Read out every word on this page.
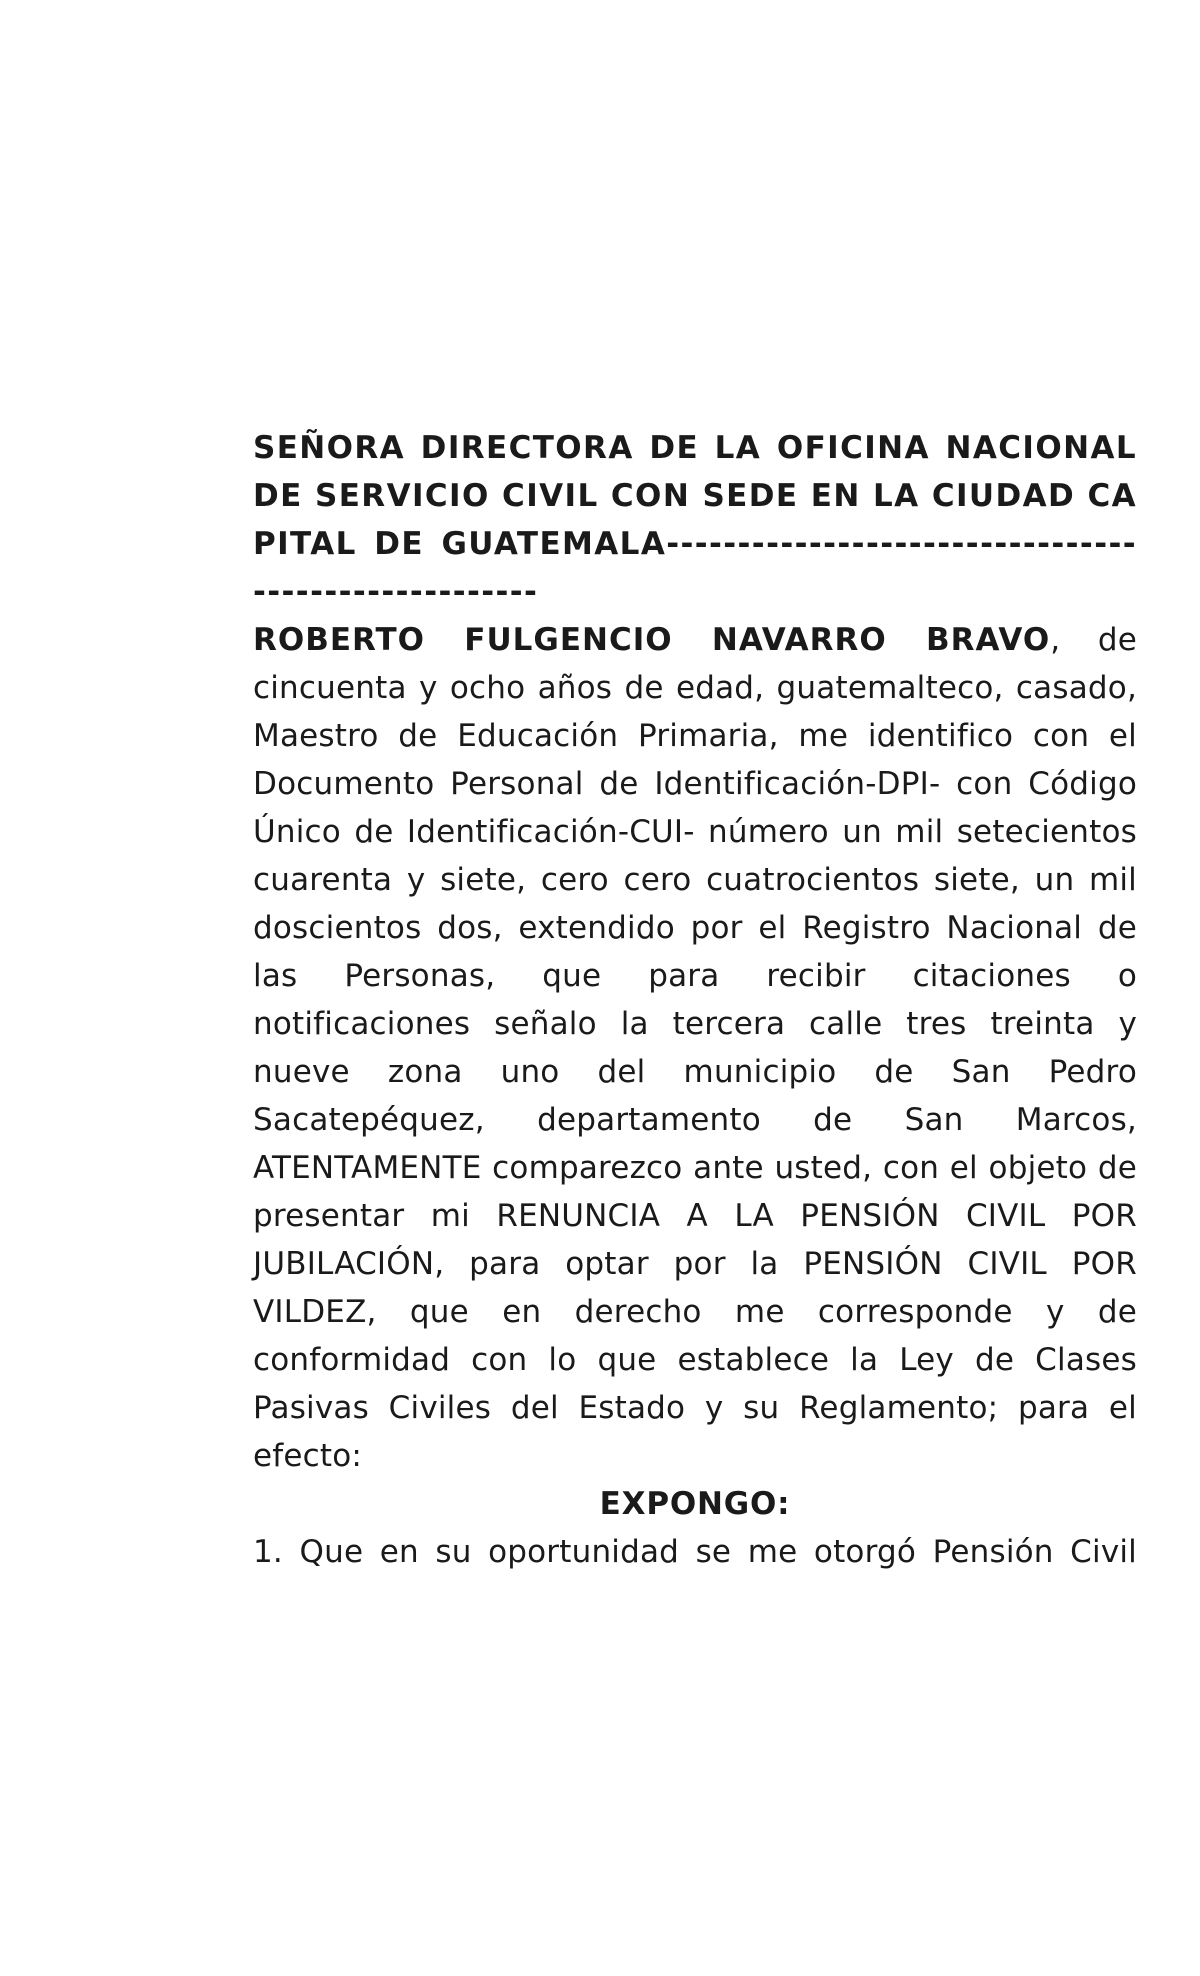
SEÑORA DIRECTORA DE LA OFICINA NACIONAL DE SERVICIO CIVIL CON SEDE EN LA CIUDAD CAPITAL DE GUATEMALA-----------------------------------------------------

ROBERTO FULGENCIO NAVARRO BRAVO, de cincuenta y ocho años de edad, guatemalteco, casado, Maestro de Educación Primaria, me identifico con el Documento Personal de Identificación-DPI- con Código Único de Identificación-CUI- número un mil setecientos cuarenta y siete, cero cero cuatrocientos siete, un mil doscientos dos, extendido por el Registro Nacional de las Personas, que para recibir citaciones o notificaciones señalo la tercera calle tres treinta y nueve zona uno del municipio de San Pedro Sacatepéquez, departamento de San Marcos, ATENTAMENTE comparezco ante usted, con el objeto de presentar mi RENUNCIA A LA PENSIÓN CIVIL POR JUBILACIÓN, para optar por la PENSIÓN CIVIL POR VILDEZ, que en derecho me corresponde y de conformidad con lo que establece la Ley de Clases Pasivas Civiles del Estado y su Reglamento; para el efecto:

EXPONGO:

1. Que en su oportunidad se me otorgó Pensión Civil
